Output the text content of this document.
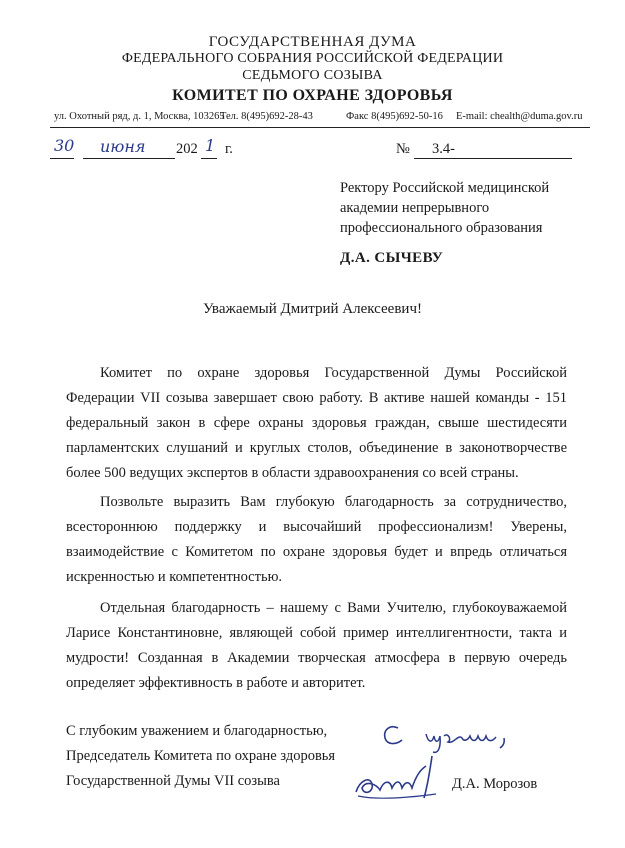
ГОСУДАРСТВЕННАЯ ДУМА
ФЕДЕРАЛЬНОГО СОБРАНИЯ РОССИЙСКОЙ ФЕДЕРАЦИИ
СЕДЬМОГО СОЗЫВА
КОМИТЕТ ПО ОХРАНЕ ЗДОРОВЬЯ
ул. Охотный ряд, д. 1, Москва, 103265Тел. 8(495)692-28-43	Факс 8(495)692-50-16 E-mail: chealth@duma.gov.ru
30 июня 202 1 г.	№ 3.4-
Ректору Российской медицинской
академии непрерывного
профессионального образования
Д.А. СЫЧЕВУ
Уважаемый Дмитрий Алексеевич!
Комитет по охране здоровья Государственной Думы Российской Федерации VII созыва завершает свою работу. В активе нашей команды - 151 федеральный закон в сфере охраны здоровья граждан, свыше шестидесяти парламентских слушаний и круглых столов, объединение в законотворчестве более 500 ведущих экспертов в области здравоохранения со всей страны.
Позвольте выразить Вам глубокую благодарность за сотрудничество, всестороннюю поддержку и высочайший профессионализм! Уверены, взаимодействие с Комитетом по охране здоровья будет и впредь отличаться искренностью и компетентностью.
Отдельная благодарность – нашему с Вами Учителю, глубокоуважаемой Ларисе Константиновне, являющей собой пример интеллигентности, такта и мудрости! Созданная в Академии творческая атмосфера в первую очередь определяет эффективность в работе и авторитет.
С глубоким уважением и благодарностью,
Председатель Комитета по охране здоровья
Государственной Думы VII созыва	Д.А. Морозов
